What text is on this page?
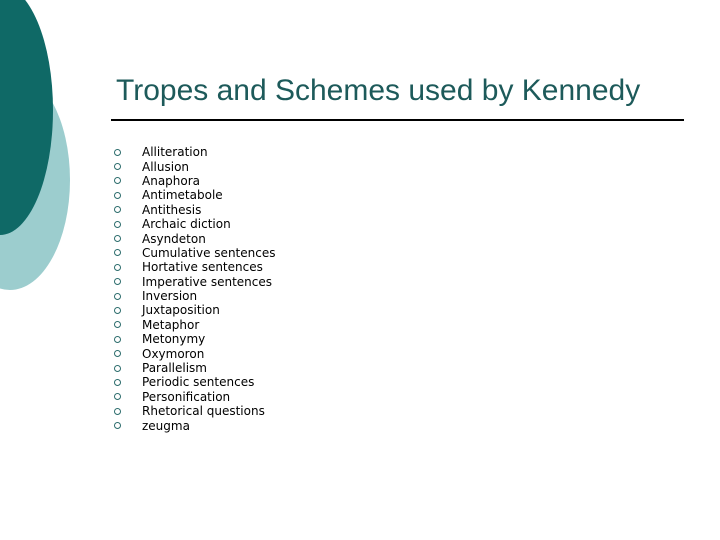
Tropes and Schemes used by Kennedy
Alliteration
Allusion
Anaphora
Antimetabole
Antithesis
Archaic diction
Asyndeton
Cumulative sentences
Hortative sentences
Imperative sentences
Inversion
Juxtaposition
Metaphor
Metonymy
Oxymoron
Parallelism
Periodic sentences
Personification
Rhetorical questions
zeugma
